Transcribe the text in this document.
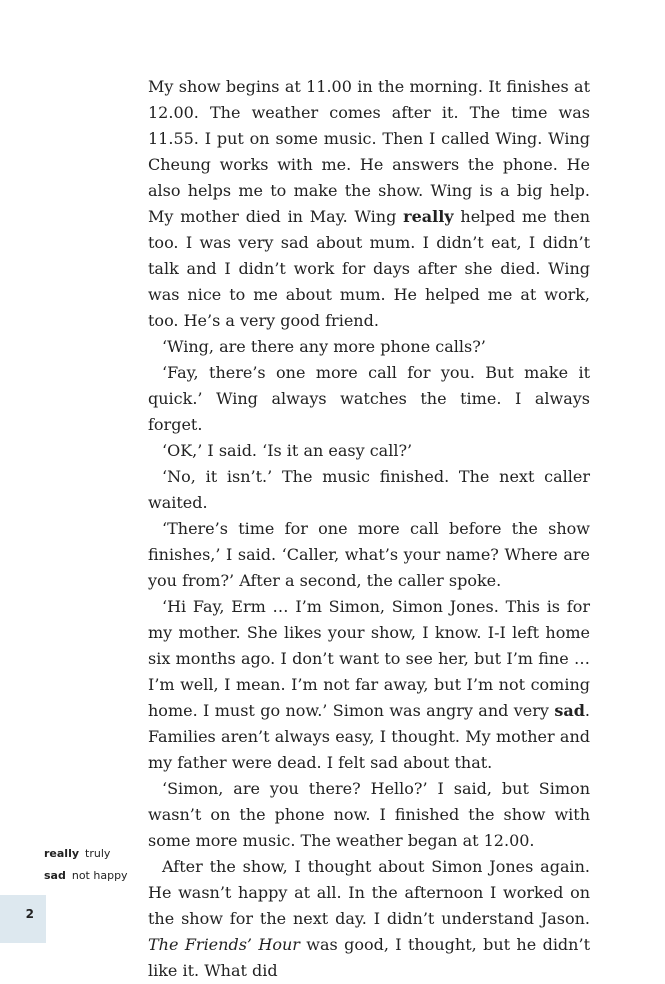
My show begins at 11.00 in the morning. It finishes at 12.00. The weather comes after it. The time was 11.55. I put on some music. Then I called Wing. Wing Cheung works with me. He answers the phone. He also helps me to make the show. Wing is a big help. My mother died in May. Wing really helped me then too. I was very sad about mum. I didn’t eat, I didn’t talk and I didn’t work for days after she died. Wing was nice to me about mum. He helped me at work, too. He’s a very good friend.

‘Wing, are there any more phone calls?’

‘Fay, there’s one more call for you. But make it quick.’ Wing always watches the time. I always forget.

‘OK,’ I said. ‘Is it an easy call?’

‘No, it isn’t.’ The music finished. The next caller waited.

‘There’s time for one more call before the show finishes,’ I said. ‘Caller, what’s your name? Where are you from?’ After a second, the caller spoke.

‘Hi Fay, Erm … I’m Simon, Simon Jones. This is for my mother. She likes your show, I know. I-I left home six months ago. I don’t want to see her, but I’m fine … I’m well, I mean. I’m not far away, but I’m not coming home. I must go now.’ Simon was angry and very sad. Families aren’t always easy, I thought. My mother and my father were dead. I felt sad about that.

‘Simon, are you there? Hello?’ I said, but Simon wasn’t on the phone now. I finished the show with some more music. The weather began at 12.00.

After the show, I thought about Simon Jones again. He wasn’t happy at all. In the afternoon I worked on the show for the next day. I didn’t understand Jason. The Friends’ Hour was good, I thought, but he didn’t like it. What did

really truly
sad not happy
2
